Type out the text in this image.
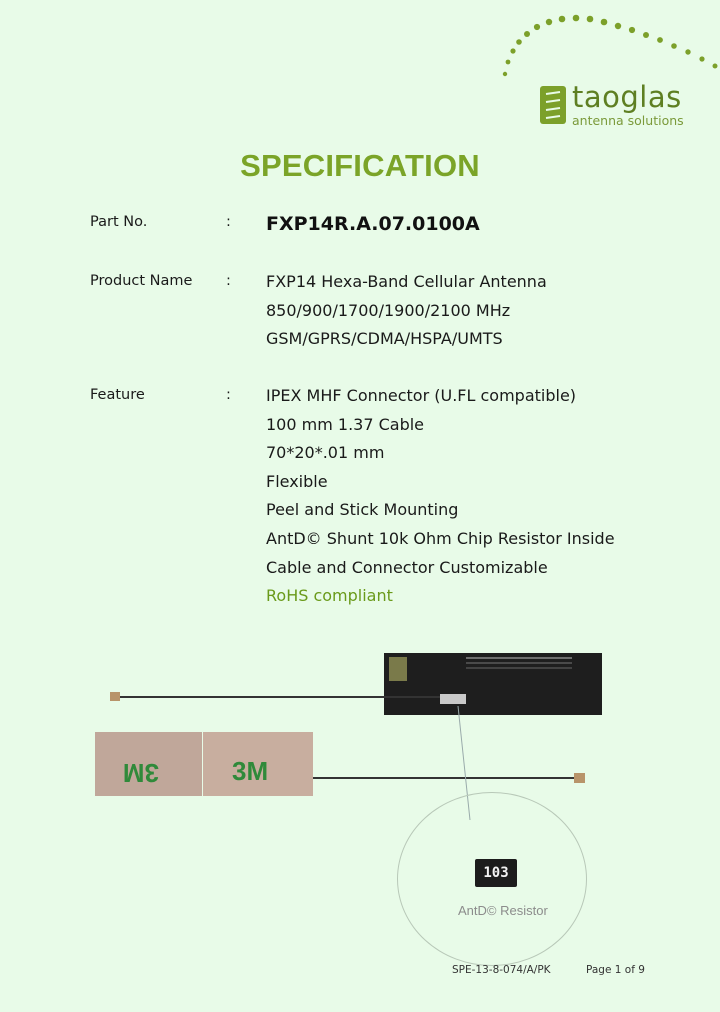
taoglas
antenna solutions
SPECIFICATION
Part No.	: FXP14R.A.07.0100A
Product Name : FXP14 Hexa-Band Cellular Antenna
850/900/1700/1900/2100 MHz
GSM/GPRS/CDMA/HSPA/UMTS
Feature	: IPEX MHF Connector (U.FL compatible)
100 mm 1.37 Cable
70*20*.01 mm
Flexible
Peel and Stick Mounting
AntD© Shunt 10k Ohm Chip Resistor Inside
Cable and Connector Customizable
RoHS compliant
3M	3M
103
AntD© Resistor
SPE-13-8-074/A/PK	Page 1 of 9
